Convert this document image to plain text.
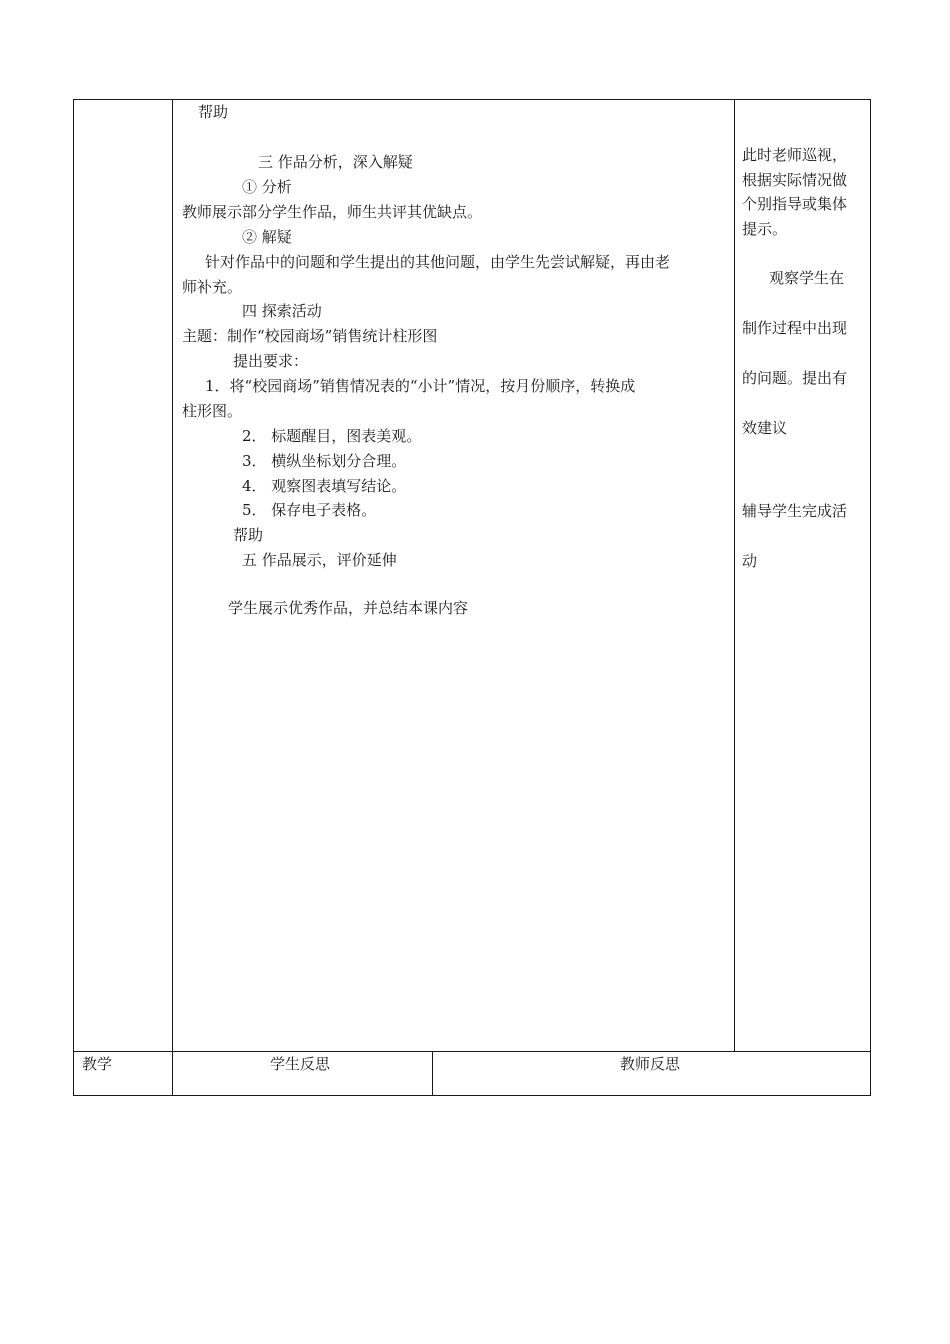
帮助
三 作品分析，深入解疑
① 分析
教师展示部分学生作品，师生共评其优缺点。
② 解疑
针对作品中的问题和学生提出的其他问题，由学生先尝试解疑，再由老
师补充。
四 探索活动
主题：制作“校园商场”销售统计柱形图
提出要求：
1．将“校园商场”销售情况表的“小计”情况，按月份顺序，转换成
柱形图。
2． 标题醒目，图表美观。
3． 横纵坐标划分合理。
4． 观察图表填写结论。
5． 保存电子表格。
帮助
五 作品展示，评价延伸
学生展示优秀作品，并总结本课内容
此时老师巡视，
根据实际情况做
个别指导或集体
提示。
观察学生在
制作过程中出现
的问题。提出有
效建议
辅导学生完成活
动
教学	学生反思	教师反思
